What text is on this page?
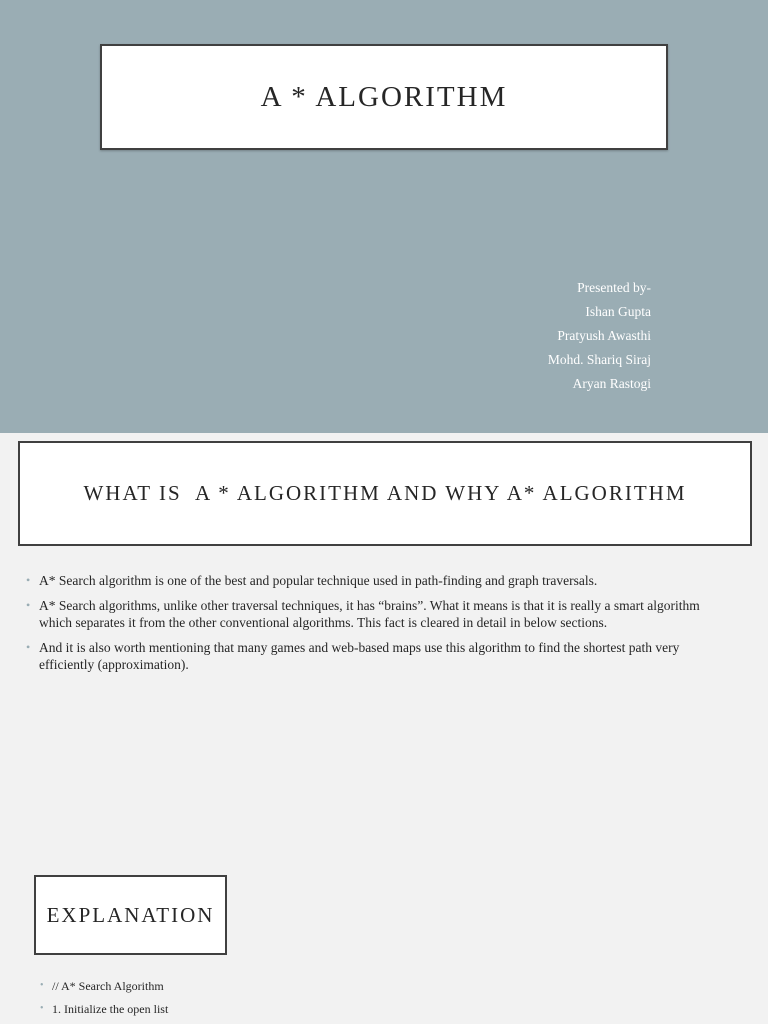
A * ALGORITHM
Presented by-
Ishan Gupta
Pratyush Awasthi
Mohd. Shariq Siraj
Aryan Rastogi
WHAT IS  A * ALGORITHM AND WHY A* ALGORITHM
• A* Search algorithm is one of the best and popular technique used in path-finding and graph traversals.
• A* Search algorithms, unlike other traversal techniques, it has “brains”. What it means is that it is really a smart algorithm which separates it from the other conventional algorithms. This fact is cleared in detail in below sections.
• And it is also worth mentioning that many games and web-based maps use this algorithm to find the shortest path very efficiently (approximation).
EXPLANATION
• // A* Search Algorithm
• 1. Initialize the open list
